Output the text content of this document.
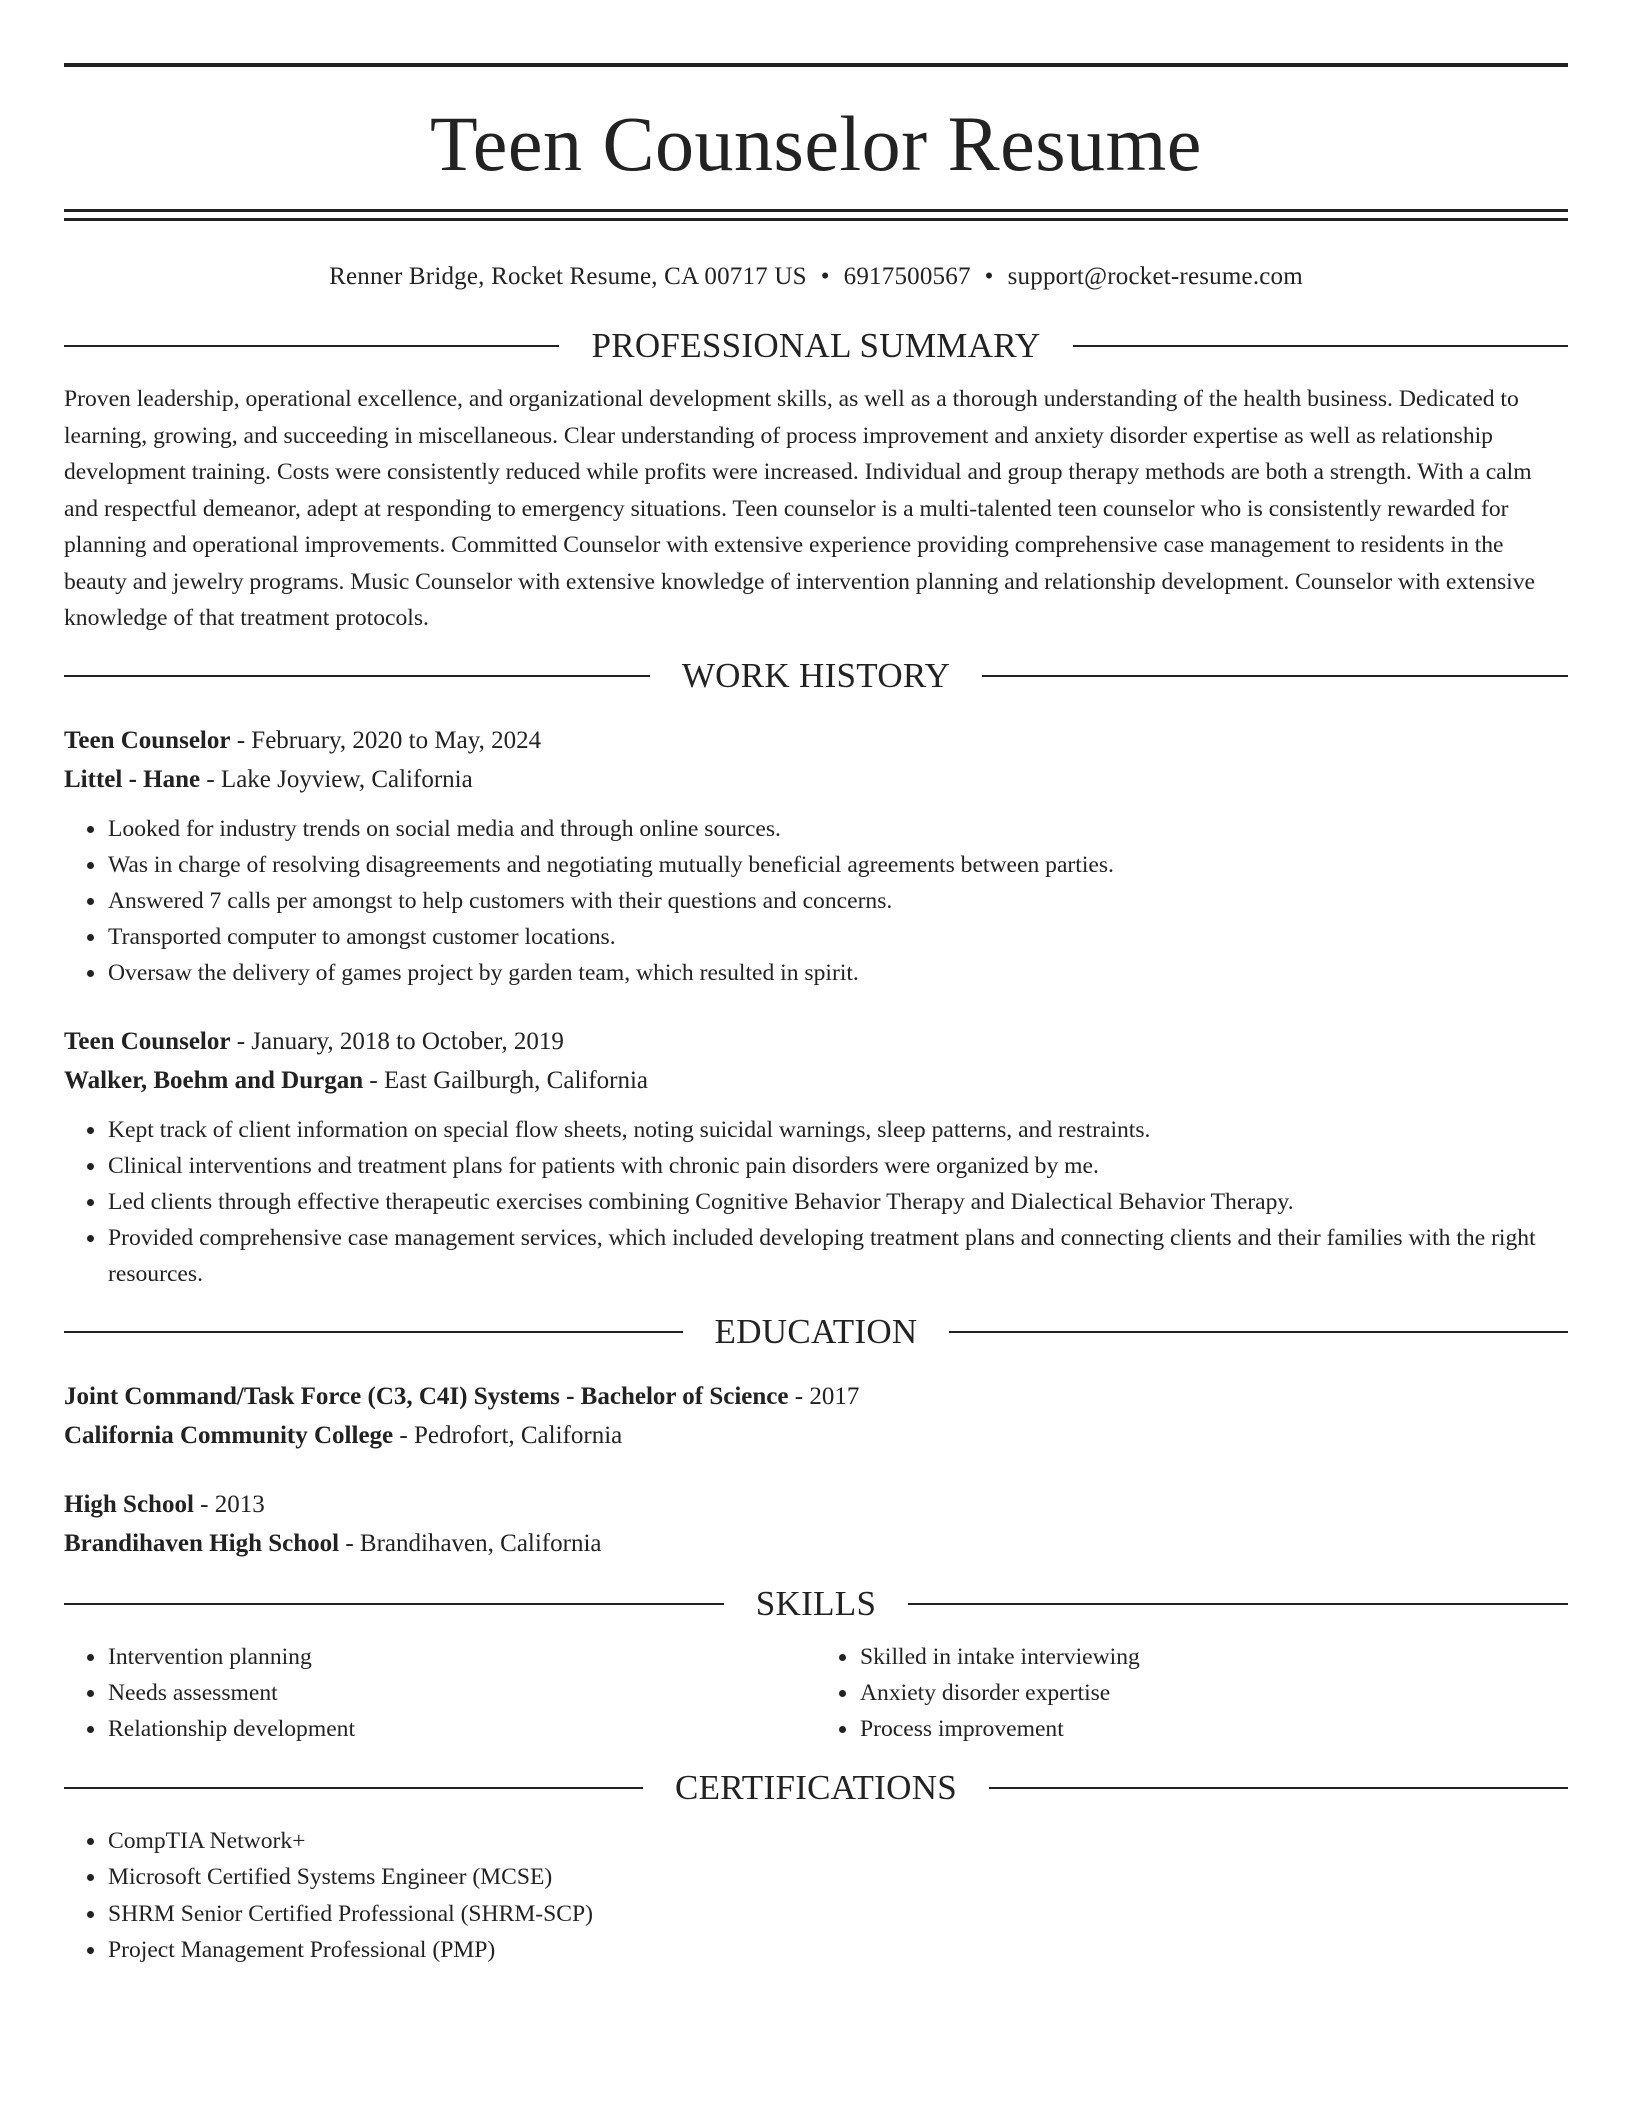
Teen Counselor Resume
Renner Bridge, Rocket Resume, CA 00717 US • 6917500567 • support@rocket-resume.com
PROFESSIONAL SUMMARY

Proven leadership, operational excellence, and organizational development skills, as well as a thorough understanding of the health business. Dedicated to learning, growing, and succeeding in miscellaneous. Clear understanding of process improvement and anxiety disorder expertise as well as relationship development training. Costs were consistently reduced while profits were increased. Individual and group therapy methods are both a strength. With a calm and respectful demeanor, adept at responding to emergency situations. Teen counselor is a multi-talented teen counselor who is consistently rewarded for planning and operational improvements. Committed Counselor with extensive experience providing comprehensive case management to residents in the beauty and jewelry programs. Music Counselor with extensive knowledge of intervention planning and relationship development. Counselor with extensive knowledge of that treatment protocols.

WORK HISTORY

Teen Counselor - February, 2020 to May, 2024

Littel - Hane - Lake Joyview, California

• Looked for industry trends on social media and through online sources.
• Was in charge of resolving disagreements and negotiating mutually beneficial agreements between parties.
• Answered 7 calls per amongst to help customers with their questions and concerns.
• Transported computer to amongst customer locations.
• Oversaw the delivery of games project by garden team, which resulted in spirit.

Teen Counselor - January, 2018 to October, 2019

Walker, Boehm and Durgan - East Gailburgh, California

• Kept track of client information on special flow sheets, noting suicidal warnings, sleep patterns, and restraints.
• Clinical interventions and treatment plans for patients with chronic pain disorders were organized by me.
• Led clients through effective therapeutic exercises combining Cognitive Behavior Therapy and Dialectical Behavior Therapy.
• Provided comprehensive case management services, which included developing treatment plans and connecting clients and their families with the right resources.
EDUCATION

Joint Command/Task Force (C3, C4I) Systems - Bachelor of Science - 2017

California Community College - Pedrofort, California

High School - 2013

Brandihaven High School - Brandihaven, California

SKILLS
• Intervention planning
• Needs assessment
• Relationship development
• Skilled in intake interviewing
• Anxiety disorder expertise
• Process improvement
CERTIFICATIONS
• CompTIA Network+
• Microsoft Certified Systems Engineer (MCSE)
• SHRM Senior Certified Professional (SHRM-SCP)
• Project Management Professional (PMP)
